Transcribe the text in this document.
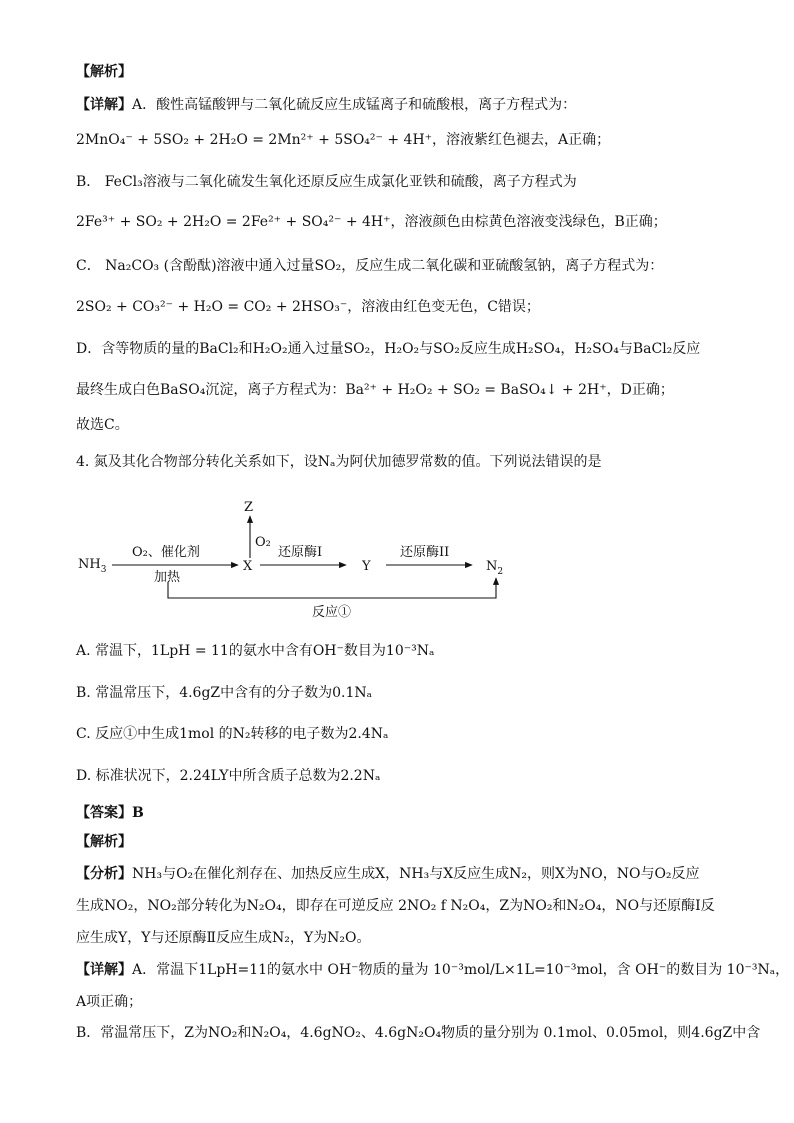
【解析】
【详解】A．酸性高锰酸钾与二氧化硫反应生成锰离子和硫酸根，离子方程式为：
2MnO₄⁻ + 5SO₂ + 2H₂O = 2Mn²⁺ + 5SO₄²⁻ + 4H⁺，溶液紫红色褪去，A正确；
B． FeCl₃溶液与二氧化硫发生氧化还原反应生成氯化亚铁和硫酸，离子方程式为
2Fe³⁺ + SO₂ + 2H₂O = 2Fe²⁺ + SO₄²⁻ + 4H⁺，溶液颜色由棕黄色溶液变浅绿色，B正确；
C． Na₂CO₃ (含酚酞)溶液中通入过量SO₂，反应生成二氧化碳和亚硫酸氢钠，离子方程式为：
2SO₂ + CO₃²⁻ + H₂O = CO₂ + 2HSO₃⁻，溶液由红色变无色，C错误；
D．含等物质的量的BaCl₂和H₂O₂通入过量SO₂，H₂O₂与SO₂反应生成H₂SO₄，H₂SO₄与BaCl₂反应
最终生成白色BaSO₄沉淀，离子方程式为：Ba²⁺ + H₂O₂ + SO₂ = BaSO₄↓ + 2H⁺，D正确；
故选C。
4. 氮及其化合物部分转化关系如下，设Nₐ为阿伏加德罗常数的值。下列说法错误的是
$NH_3$
O₂、催化剂
加热
X
Z
O₂
还原酶I
Y
还原酶II
$N_2$
反应①
A. 常温下，1LpH = 11的氨水中含有OH⁻数目为10⁻³Nₐ
B. 常温常压下，4.6gZ中含有的分子数为0.1Nₐ
C. 反应①中生成1mol 的N₂转移的电子数为2.4Nₐ
D. 标准状况下，2.24LY中所含质子总数为2.2Nₐ
【答案】B
【解析】
【分析】NH₃与O₂在催化剂存在、加热反应生成X，NH₃与X反应生成N₂，则X为NO，NO与O₂反应
生成NO₂，NO₂部分转化为N₂O₄，即存在可逆反应 2NO₂ f N₂O₄，Z为NO₂和N₂O₄，NO与还原酶Ⅰ反
应生成Y，Y与还原酶Ⅱ反应生成N₂，Y为N₂O。
【详解】A．常温下1LpH=11的氨水中 OH⁻物质的量为 10⁻³mol/L×1L=10⁻³mol，含 OH⁻的数目为 10⁻³Nₐ，
A项正确；
B．常温常压下，Z为NO₂和N₂O₄，4.6gNO₂、4.6gN₂O₄物质的量分别为 0.1mol、0.05mol，则4.6gZ中含
